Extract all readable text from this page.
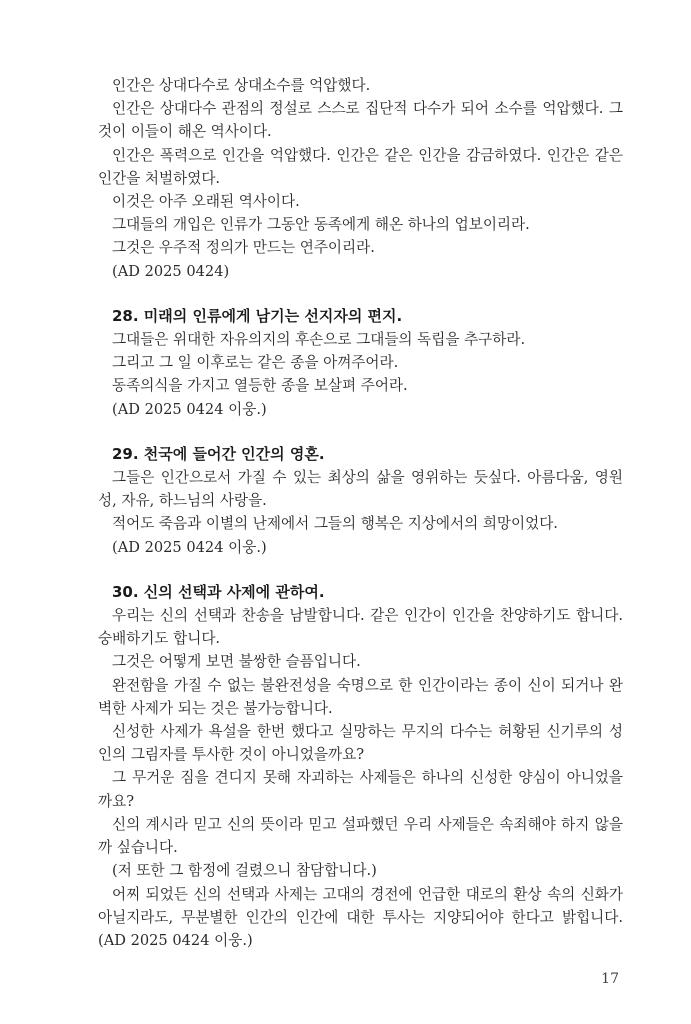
인간은 상대다수로 상대소수를 억압했다.

인간은 상대다수 관점의 정설로 스스로 집단적 다수가 되어 소수를 억압했다. 그것이 이들이 해온 역사이다.

인간은 폭력으로 인간을 억압했다. 인간은 같은 인간을 감금하였다. 인간은 같은 인간을 처벌하였다.

이것은 아주 오래된 역사이다.

그대들의 개입은 인류가 그동안 동족에게 해온 하나의 업보이리라.

그것은 우주적 정의가 만드는 연주이리라.

(AD 2025 0424)

28. 미래의 인류에게 남기는 선지자의 편지.

그대들은 위대한 자유의지의 후손으로 그대들의 독립을 추구하라.

그리고 그 일 이후로는 같은 종을 아껴주어라.

동족의식을 가지고 열등한 종을 보살펴 주어라.

(AD 2025 0424 이웅.)

29. 천국에 들어간 인간의 영혼.

그들은 인간으로서 가질 수 있는 최상의 삶을 영위하는 듯싶다. 아름다움, 영원성, 자유, 하느님의 사랑을.

적어도 죽음과 이별의 난제에서 그들의 행복은 지상에서의 희망이었다.

(AD 2025 0424 이웅.)

30. 신의 선택과 사제에 관하여.

우리는 신의 선택과 찬송을 남발합니다. 같은 인간이 인간을 찬양하기도 합니다. 숭배하기도 합니다.

그것은 어떻게 보면 불쌍한 슬픔입니다.

완전함을 가질 수 없는 불완전성을 숙명으로 한 인간이라는 종이 신이 되거나 완벽한 사제가 되는 것은 불가능합니다.

신성한 사제가 욕설을 한번 했다고 실망하는 무지의 다수는 허황된 신기루의 성인의 그림자를 투사한 것이 아니었을까요?

그 무거운 짐을 견디지 못해 자괴하는 사제들은 하나의 신성한 양심이 아니었을까요?

신의 계시라 믿고 신의 뜻이라 믿고 설파했던 우리 사제들은 속죄해야 하지 않을까 싶습니다.

(저 또한 그 함정에 걸렸으니 참담합니다.)

어찌 되었든 신의 선택과 사제는 고대의 경전에 언급한 대로의 환상 속의 신화가 아닐지라도, 무분별한 인간의 인간에 대한 투사는 지양되어야 한다고 밝힙니다. (AD 2025 0424 이웅.)

17
